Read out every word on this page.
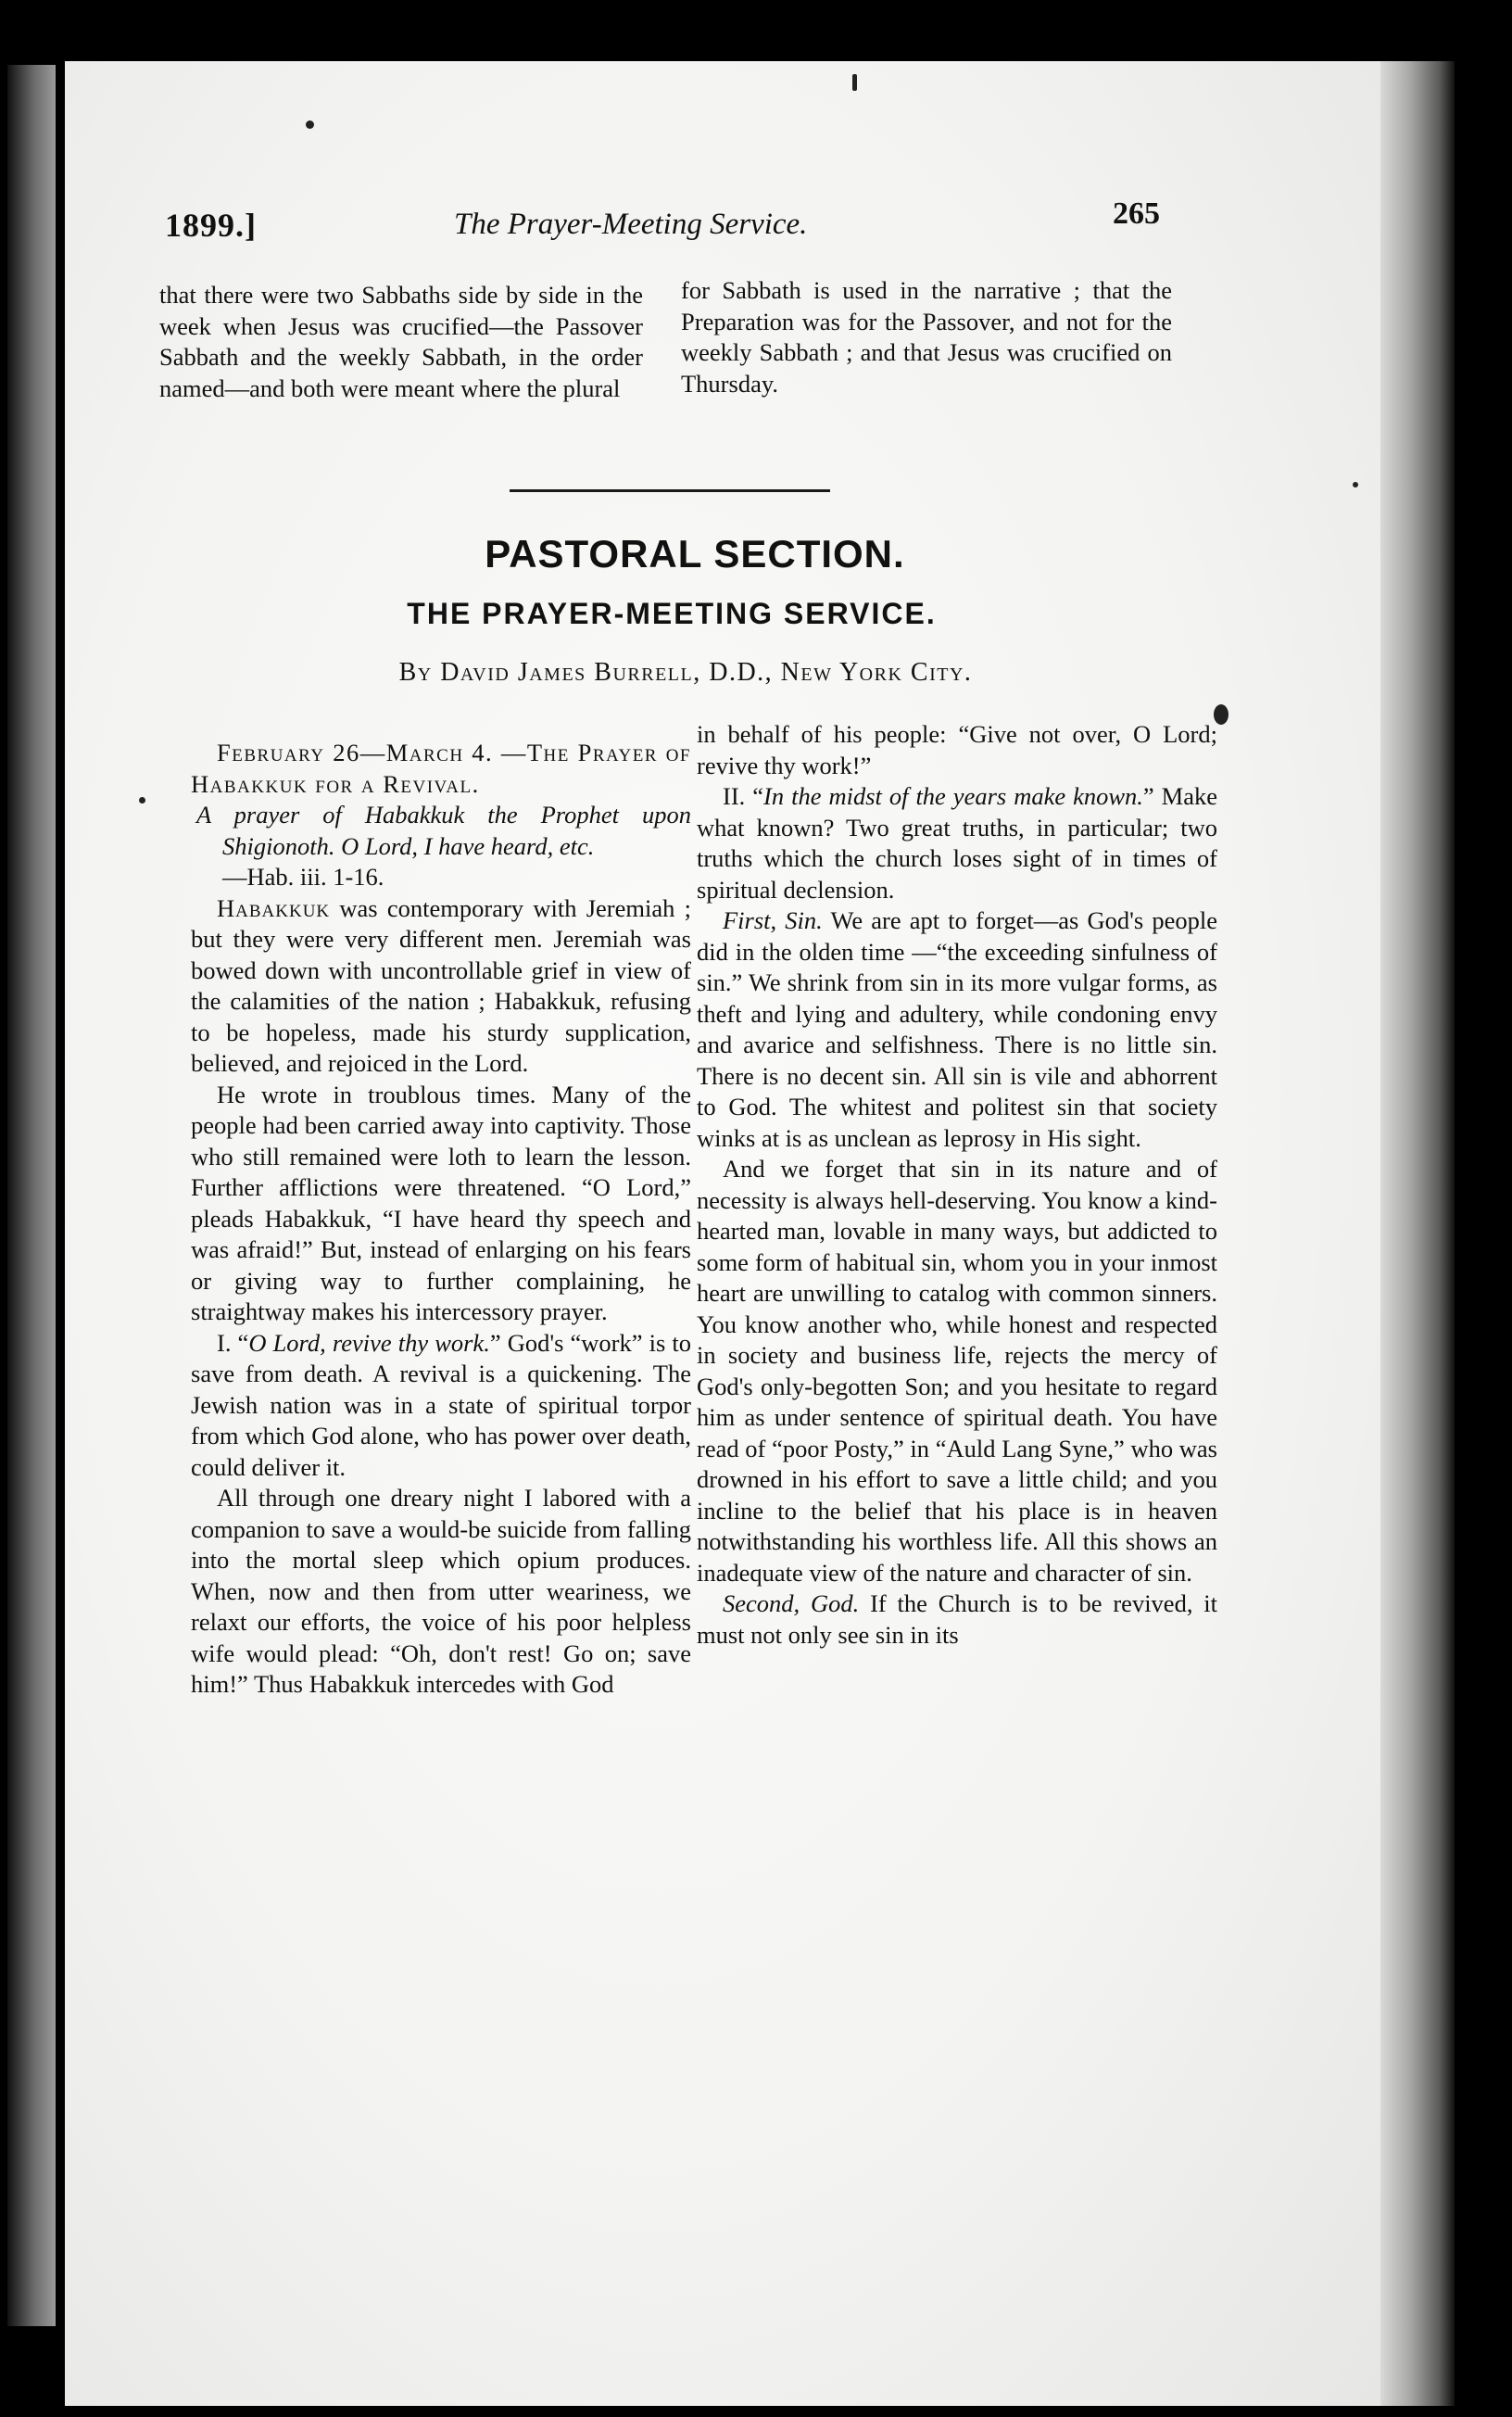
1899.]	The Prayer-Meeting Service.	265
that there were two Sabbaths side by side in the week when Jesus was crucified—the Passover Sabbath and the weekly Sabbath, in the order named—and both were meant where the plural
for Sabbath is used in the narrative ; that the Preparation was for the Passover, and not for the weekly Sabbath ; and that Jesus was crucified on Thursday.
PASTORAL SECTION.
THE PRAYER-MEETING SERVICE.
By David James Burrell, D.D., New York City.

February 26—March 4. —The Prayer of Habakkuk for a Revival.

A prayer of Habakkuk the Prophet upon Shigionoth. O Lord, I have heard, etc.

—Hab. iii. 1-16.

Habakkuk was contemporary with Jeremiah ; but they were very different men. Jeremiah was bowed down with uncontrollable grief in view of the calamities of the nation ; Habakkuk, refusing to be hopeless, made his sturdy supplication, believed, and rejoiced in the Lord.

He wrote in troublous times. Many of the people had been carried away into captivity. Those who still remained were loth to learn the lesson. Further afflictions were threatened. “O Lord,” pleads Habakkuk, “I have heard thy speech and was afraid!” But, instead of enlarging on his fears or giving way to further complaining, he straightway makes his intercessory prayer.

I. “O Lord, revive thy work.” God's “work” is to save from death. A revival is a quickening. The Jewish nation was in a state of spiritual torpor from which God alone, who has power over death, could deliver it.

All through one dreary night I labored with a companion to save a would-be suicide from falling into the mortal sleep which opium produces. When, now and then from utter weariness, we relaxt our efforts, the voice of his poor helpless wife would plead: “Oh, don't rest! Go on; save him!” Thus Habakkuk intercedes with God

in behalf of his people: “Give not over, O Lord; revive thy work!”

II. “In the midst of the years make known.” Make what known? Two great truths, in particular; two truths which the church loses sight of in times of spiritual declension.

First, Sin. We are apt to forget—as God's people did in the olden time —“the exceeding sinfulness of sin.” We shrink from sin in its more vulgar forms, as theft and lying and adultery, while condoning envy and avarice and selfishness. There is no little sin. There is no decent sin. All sin is vile and abhorrent to God. The whitest and politest sin that society winks at is as unclean as leprosy in His sight.

And we forget that sin in its nature and of necessity is always hell-deserving. You know a kind-hearted man, lovable in many ways, but addicted to some form of habitual sin, whom you in your inmost heart are unwilling to catalog with common sinners. You know another who, while honest and respected in society and business life, rejects the mercy of God's only-begotten Son; and you hesitate to regard him as under sentence of spiritual death. You have read of “poor Posty,” in “Auld Lang Syne,” who was drowned in his effort to save a little child; and you incline to the belief that his place is in heaven notwithstanding his worthless life. All this shows an inadequate view of the nature and character of sin.

Second, God. If the Church is to be revived, it must not only see sin in its
